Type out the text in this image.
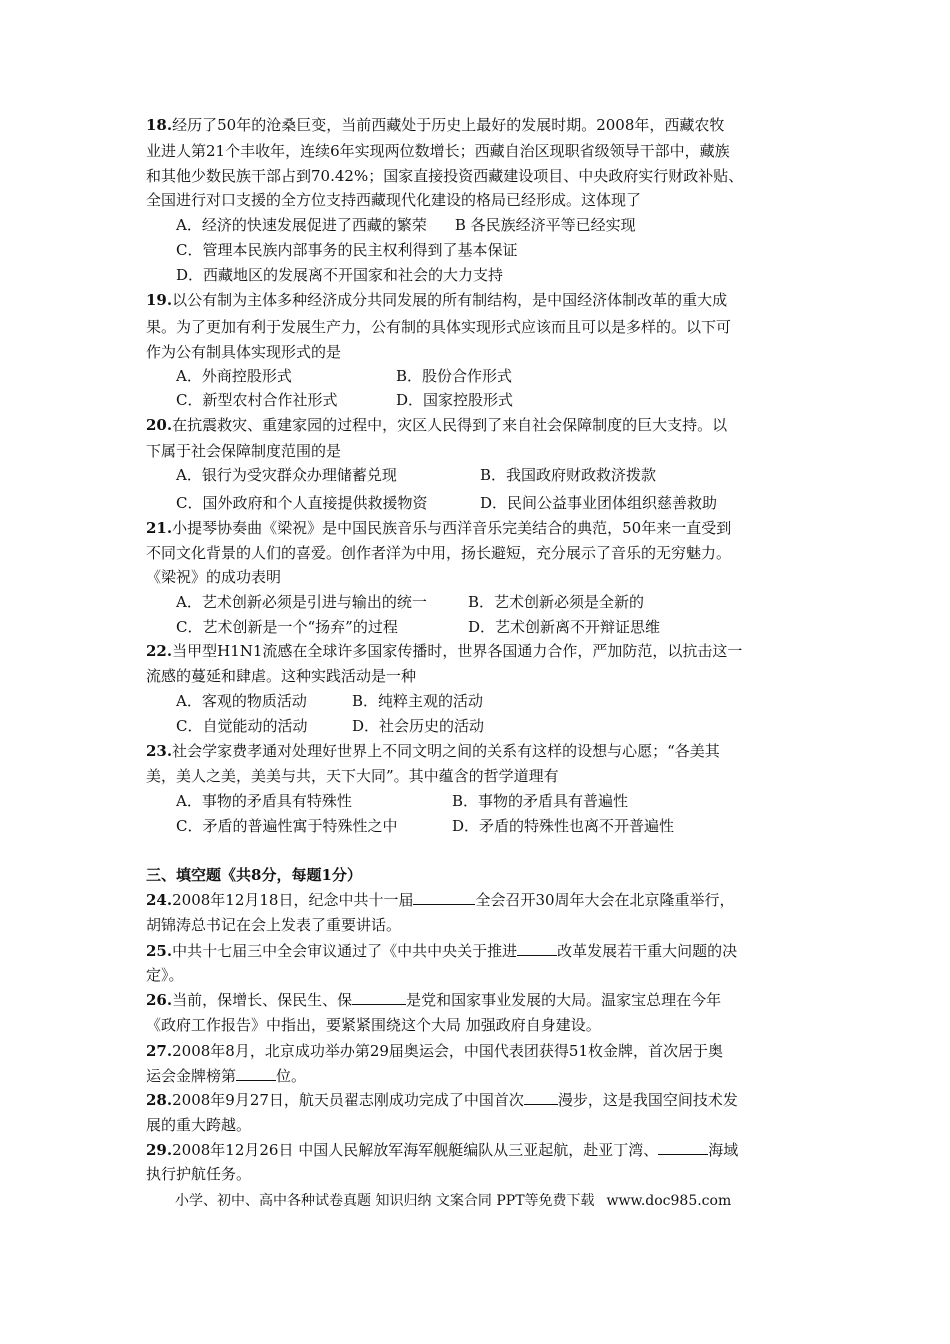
18.经历了50年的沧桑巨变，当前西藏处于历史上最好的发展时期。2008年，西藏农牧
业进人第21个丰收年，连续6年实现两位数增长；西藏自治区现职省级领导干部中，藏族
和其他少数民族干部占到70.42%；国家直接投资西藏建设项目、中央政府实行财政补贴、
全国进行对口支援的全方位支持西藏现代化建设的格局已经形成。这体现了
A．经济的快速发展促进了西藏的繁荣 B 各民族经济平等已经实现
C．管理本民族内部事务的民主权利得到了基本保证
D．西藏地区的发展离不开国家和社会的大力支持
19.以公有制为主体多种经济成分共同发展的所有制结构，是中国经济体制改革的重大成
果。为了更加有利于发展生产力，公有制的具体实现形式应该而且可以是多样的。以下可
作为公有制具体实现形式的是
A．外商控股形式	B．股份合作形式
C．新型农村合作社形式	D．国家控股形式
20.在抗震救灾、重建家园的过程中，灾区人民得到了来自社会保障制度的巨大支持。以
下属于社会保障制度范围的是
A．银行为受灾群众办理储蓄兑现	B．我国政府财政救济拨款
C．国外政府和个人直接提供救援物资	D．民间公益事业团体组织慈善救助
21.小提琴协奏曲《梁祝》是中国民族音乐与西洋音乐完美结合的典范，50年来一直受到
不同文化背景的人们的喜爱。创作者洋为中用，扬长避短，充分展示了音乐的无穷魅力。
《梁祝》的成功表明
A．艺术创新必须是引进与输出的统一	B．艺术创新必须是全新的
C．艺术创新是一个“扬弃”的过程	D．艺术创新离不开辩证思维
22.当甲型H1N1流感在全球许多国家传播时，世界各国通力合作，严加防范，以抗击这一
流感的蔓延和肆虐。这种实践活动是一种
A．客观的物质活动	B．纯粹主观的活动
C．自觉能动的活动	D．社会历史的活动
23.社会学家费孝通对处理好世界上不同文明之间的关系有这样的设想与心愿；“各美其
美，美人之美，美美与共，天下大同”。其中蕴含的哲学道理有
A．事物的矛盾具有特殊性	B．事物的矛盾具有普遍性
C．矛盾的普遍性寓于特殊性之中	D．矛盾的特殊性也离不开普遍性
三、填空题《共8分，每题1分）
24.2008年12月18日，纪念中共十一届	全会召开30周年大会在北京隆重举行，
胡锦涛总书记在会上发表了重要讲话。
25.中共十七届三中全会审议通过了《中共中央关于推进	改革发展若干重大问题的决
定》。
26.当前，保增长、保民生、保	是党和国家事业发展的大局。温家宝总理在今年
《政府工作报告》中指出，要紧紧围绕这个大局 加强政府自身建设。
27.2008年8月，北京成功举办第29届奥运会，中国代表团获得51枚金牌，首次居于奥
运会金牌榜第	位。
28.2008年9月27日，航天员翟志刚成功完成了中国首次 漫步，这是我国空间技术发
展的重大跨越。
29.2008年12月26日 中国人民解放军海军舰艇编队从三亚起航，赴亚丁湾、	海域
执行护航任务。
小学、初中、高中各种试卷真题 知识归纳 文案合同 PPT等免费下载 www.doc985.com
